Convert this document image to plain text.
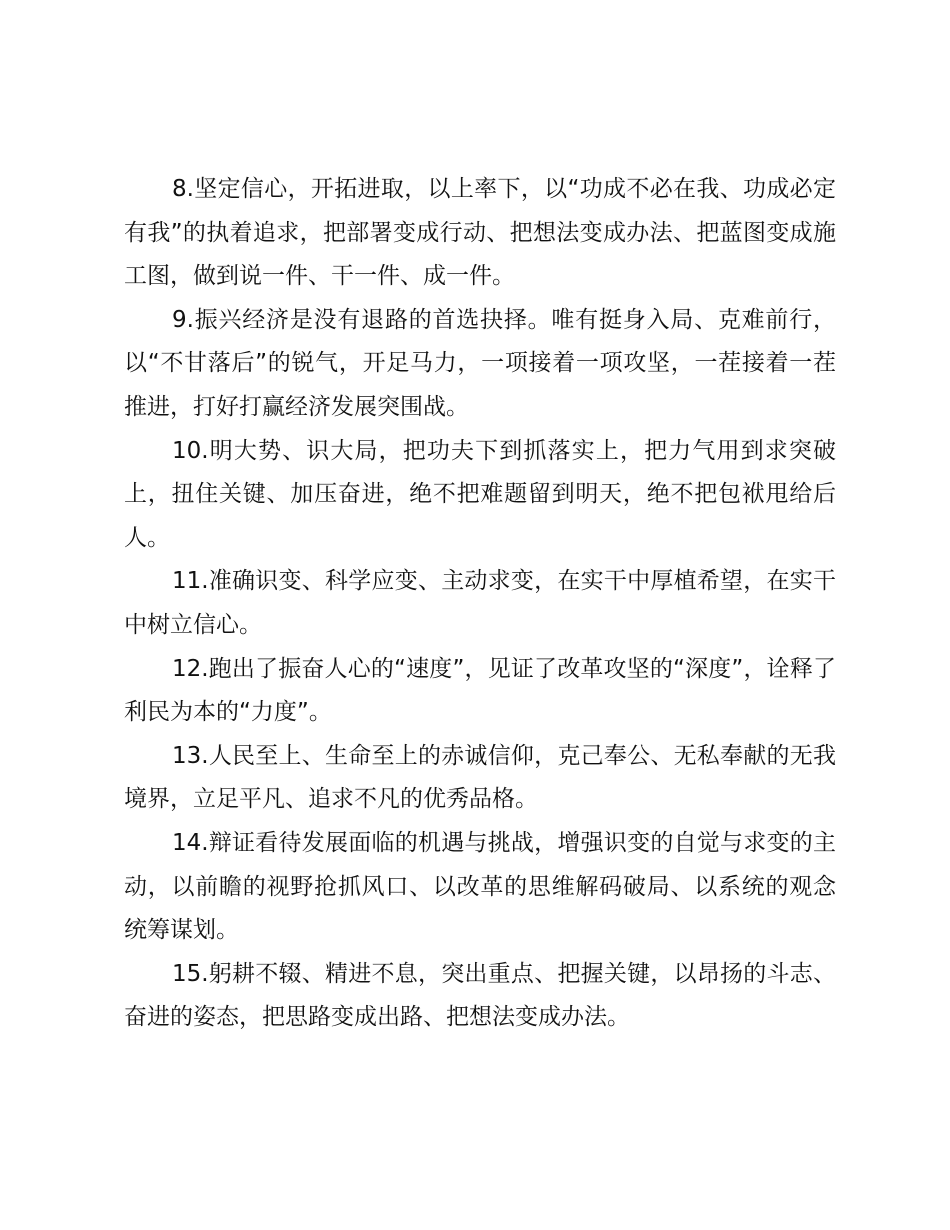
8.坚定信心，开拓进取，以上率下，以“功成不必在我、功成必定有我”的执着追求，把部署变成行动、把想法变成办法、把蓝图变成施工图，做到说一件、干一件、成一件。

9.振兴经济是没有退路的首选抉择。唯有挺身入局、克难前行，以“不甘落后”的锐气，开足马力，一项接着一项攻坚，一茬接着一茬推进，打好打赢经济发展突围战。

10.明大势、识大局，把功夫下到抓落实上，把力气用到求突破上，扭住关键、加压奋进，绝不把难题留到明天，绝不把包袱甩给后人。

11.准确识变、科学应变、主动求变，在实干中厚植希望，在实干中树立信心。

12.跑出了振奋人心的“速度”，见证了改革攻坚的“深度”，诠释了利民为本的“力度”。

13.人民至上、生命至上的赤诚信仰，克己奉公、无私奉献的无我境界，立足平凡、追求不凡的优秀品格。

14.辩证看待发展面临的机遇与挑战，增强识变的自觉与求变的主动，以前瞻的视野抢抓风口、以改革的思维解码破局、以系统的观念统筹谋划。

15.躬耕不辍、精进不息，突出重点、把握关键，以昂扬的斗志、奋进的姿态，把思路变成出路、把想法变成办法。
